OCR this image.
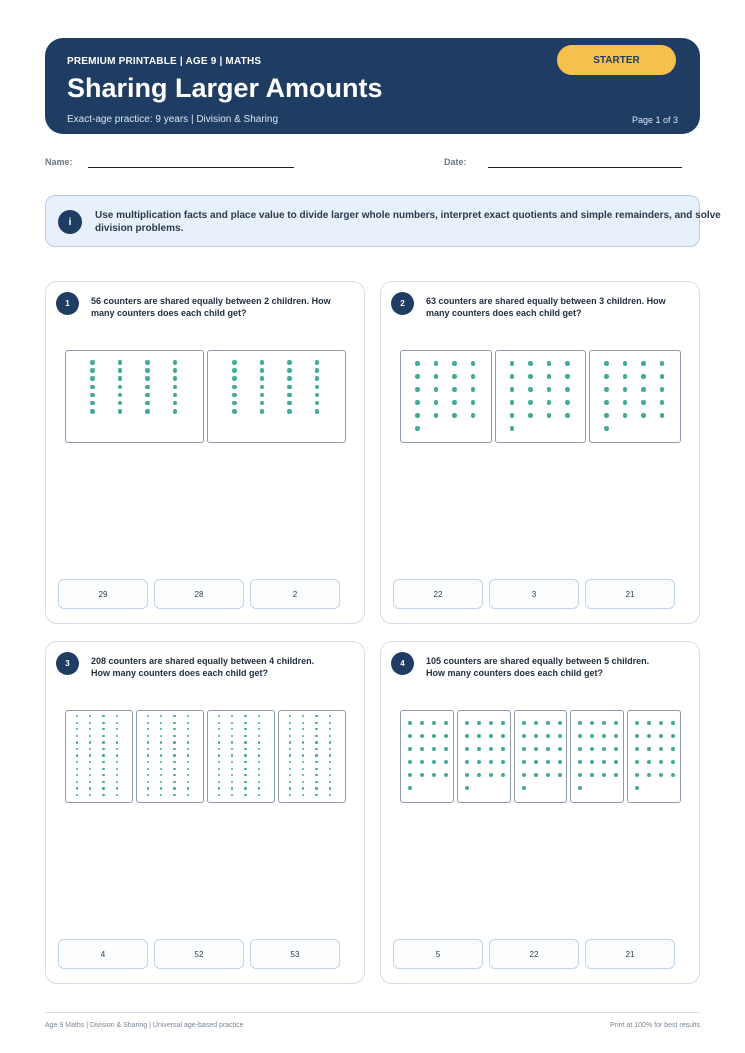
PREMIUM PRINTABLE | AGE 9 | MATHS
Sharing Larger Amounts
Exact-age practice: 9 years | Division & Sharing
STARTER
Page 1 of 3
Name:	Date:
i
Use multiplication facts and place value to divide larger whole numbers, interpret exact quotients and simple remainders, and solve division problems.
1	56 counters are shared equally between 2 children. How many counters does each child get?
29	28	2
2	63 counters are shared equally between 3 children. How many counters does each child get?
22	3	21
3	208 counters are shared equally between 4 children. How many counters does each child get?
4	52	53
4	105 counters are shared equally between 5 children. How many counters does each child get?
5	22	21
Age 9 Maths | Division & Sharing | Universal age-based practice	Print at 100% for best results
